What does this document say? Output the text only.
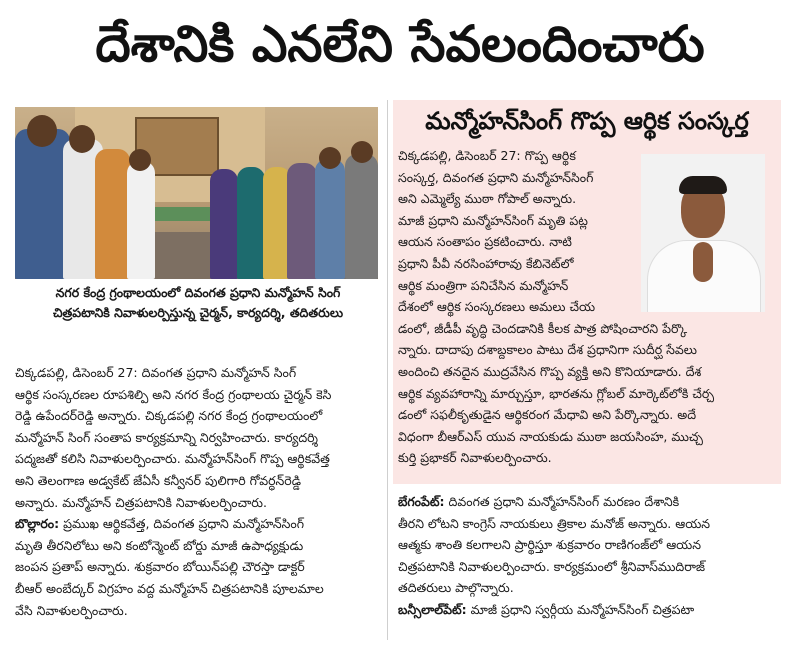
దేశానికి ఎనలేని సేవలందించారు
నగర కేంద్ర గ్రంథాలయంలో దివంగత ప్రధాని మన్మోహన్ సింగ్
చిత్రపటానికి నివాళులర్పిస్తున్న చైర్మన్, కార్యదర్శి, తదితరులు
చిక్కడపల్లి, డిసెంబర్ 27: దివంగత ప్రధాని మన్మోహన్ సింగ్
ఆర్థిక సంస్కరణల రూపశిల్పి అని నగర కేంద్ర గ్రంథాలయ చైర్మన్ కెసి
రెడ్డి ఉపేందర్‌రెడ్డి అన్నారు. చిక్కడపల్లి నగర కేంద్ర గ్రంథాలయంలో
మన్మోహన్ సింగ్ సంతాప కార్యక్రమాన్ని నిర్వహించారు. కార్యదర్శి
పద్మజతో కలిసి నివాళులర్పించారు. మన్మోహన్‌సింగ్ గొప్ప ఆర్థికవేత్త
అని తెలంగాణ అడ్వకేట్ జేఏసీ కన్వీనర్ పులిగారి గోవర్ధన్‌రెడ్డి
అన్నారు. మన్మోహన్ చిత్రపటానికి నివాళులర్పించారు.
బొల్లారం: ప్రముఖ ఆర్థికవేత్త, దివంగత ప్రధాని మన్మోహన్‌సింగ్
మృతి తీరనిలోటు అని కంటోన్మెంట్ బోర్డు మాజీ ఉపాధ్యక్షుడు
జంపన ప్రతాప్ అన్నారు. శుక్రవారం బోయిన్‌పల్లి చౌరస్తా డాక్టర్
బీఆర్ అంబేద్కర్ విగ్రహం వద్ద మన్మోహన్ చిత్రపటానికి పూలమాల
వేసి నివాళులర్పించారు.
మన్మోహన్‌సింగ్ గొప్ప ఆర్థిక సంస్కర్త
చిక్కడపల్లి, డిసెంబర్ 27: గొప్ప ఆర్థిక
సంస్కర్త, దివంగత ప్రధాని మన్మోహన్‌సింగ్
అని ఎమ్మెల్యే ముఠా గోపాల్ అన్నారు.
మాజీ ప్రధాని మన్మోహన్‌సింగ్ మృతి పట్ల
ఆయన సంతాపం ప్రకటించారు. నాటి
ప్రధాని పీవీ నరసింహారావు కేబినెట్‌లో
ఆర్థిక మంత్రిగా పనిచేసిన మన్మోహన్
దేశంలో ఆర్థిక సంస్కరణలు అమలు చేయ
డంలో, జీడీపీ వృద్ధి చెందడానికి కీలక పాత్ర పోషించారని పేర్కొ
న్నారు. దాదాపు దశాబ్దకాలం పాటు దేశ ప్రధానిగా సుదీర్ఘ సేవలు
అందించి తనదైన ముద్రవేసిన గొప్ప వ్యక్తి అని కొనియాడారు. దేశ
ఆర్థిక వ్యవహారాన్ని మార్చుస్తూ, భారతను గ్లోబల్ మార్కెట్‌లోకి చేర్చ
డంలో సఫలీకృతుడైన ఆర్థికరంగ మేధావి అని పేర్కొన్నారు. అదే
విధంగా బీఆర్ఎస్ యువ నాయకుడు ముఠా జయసింహ, ముచ్చ
కుర్తి ప్రభాకర్ నివాళులర్పించారు.
బేగంపేట్: దివంగత ప్రధాని మన్మోహన్‌సింగ్ మరణం దేశానికి
తీరని లోటని కాంగ్రెస్ నాయకులు త్రికాల మనోజ్ అన్నారు. ఆయన
ఆత్మకు శాంతి కలగాలని ప్రార్థిస్తూ శుక్రవారం రాణిగంజ్‌లో ఆయన
చిత్రపటానికి నివాళులర్పించారు. కార్యక్రమంలో శ్రీనివాస్‌ముదిరాజ్
తదితరులు పాల్గొన్నారు.
బన్సీలాల్‌పేట్: మాజీ ప్రధాని స్వర్గీయ మన్మోహన్‌సింగ్ చిత్రపటా
